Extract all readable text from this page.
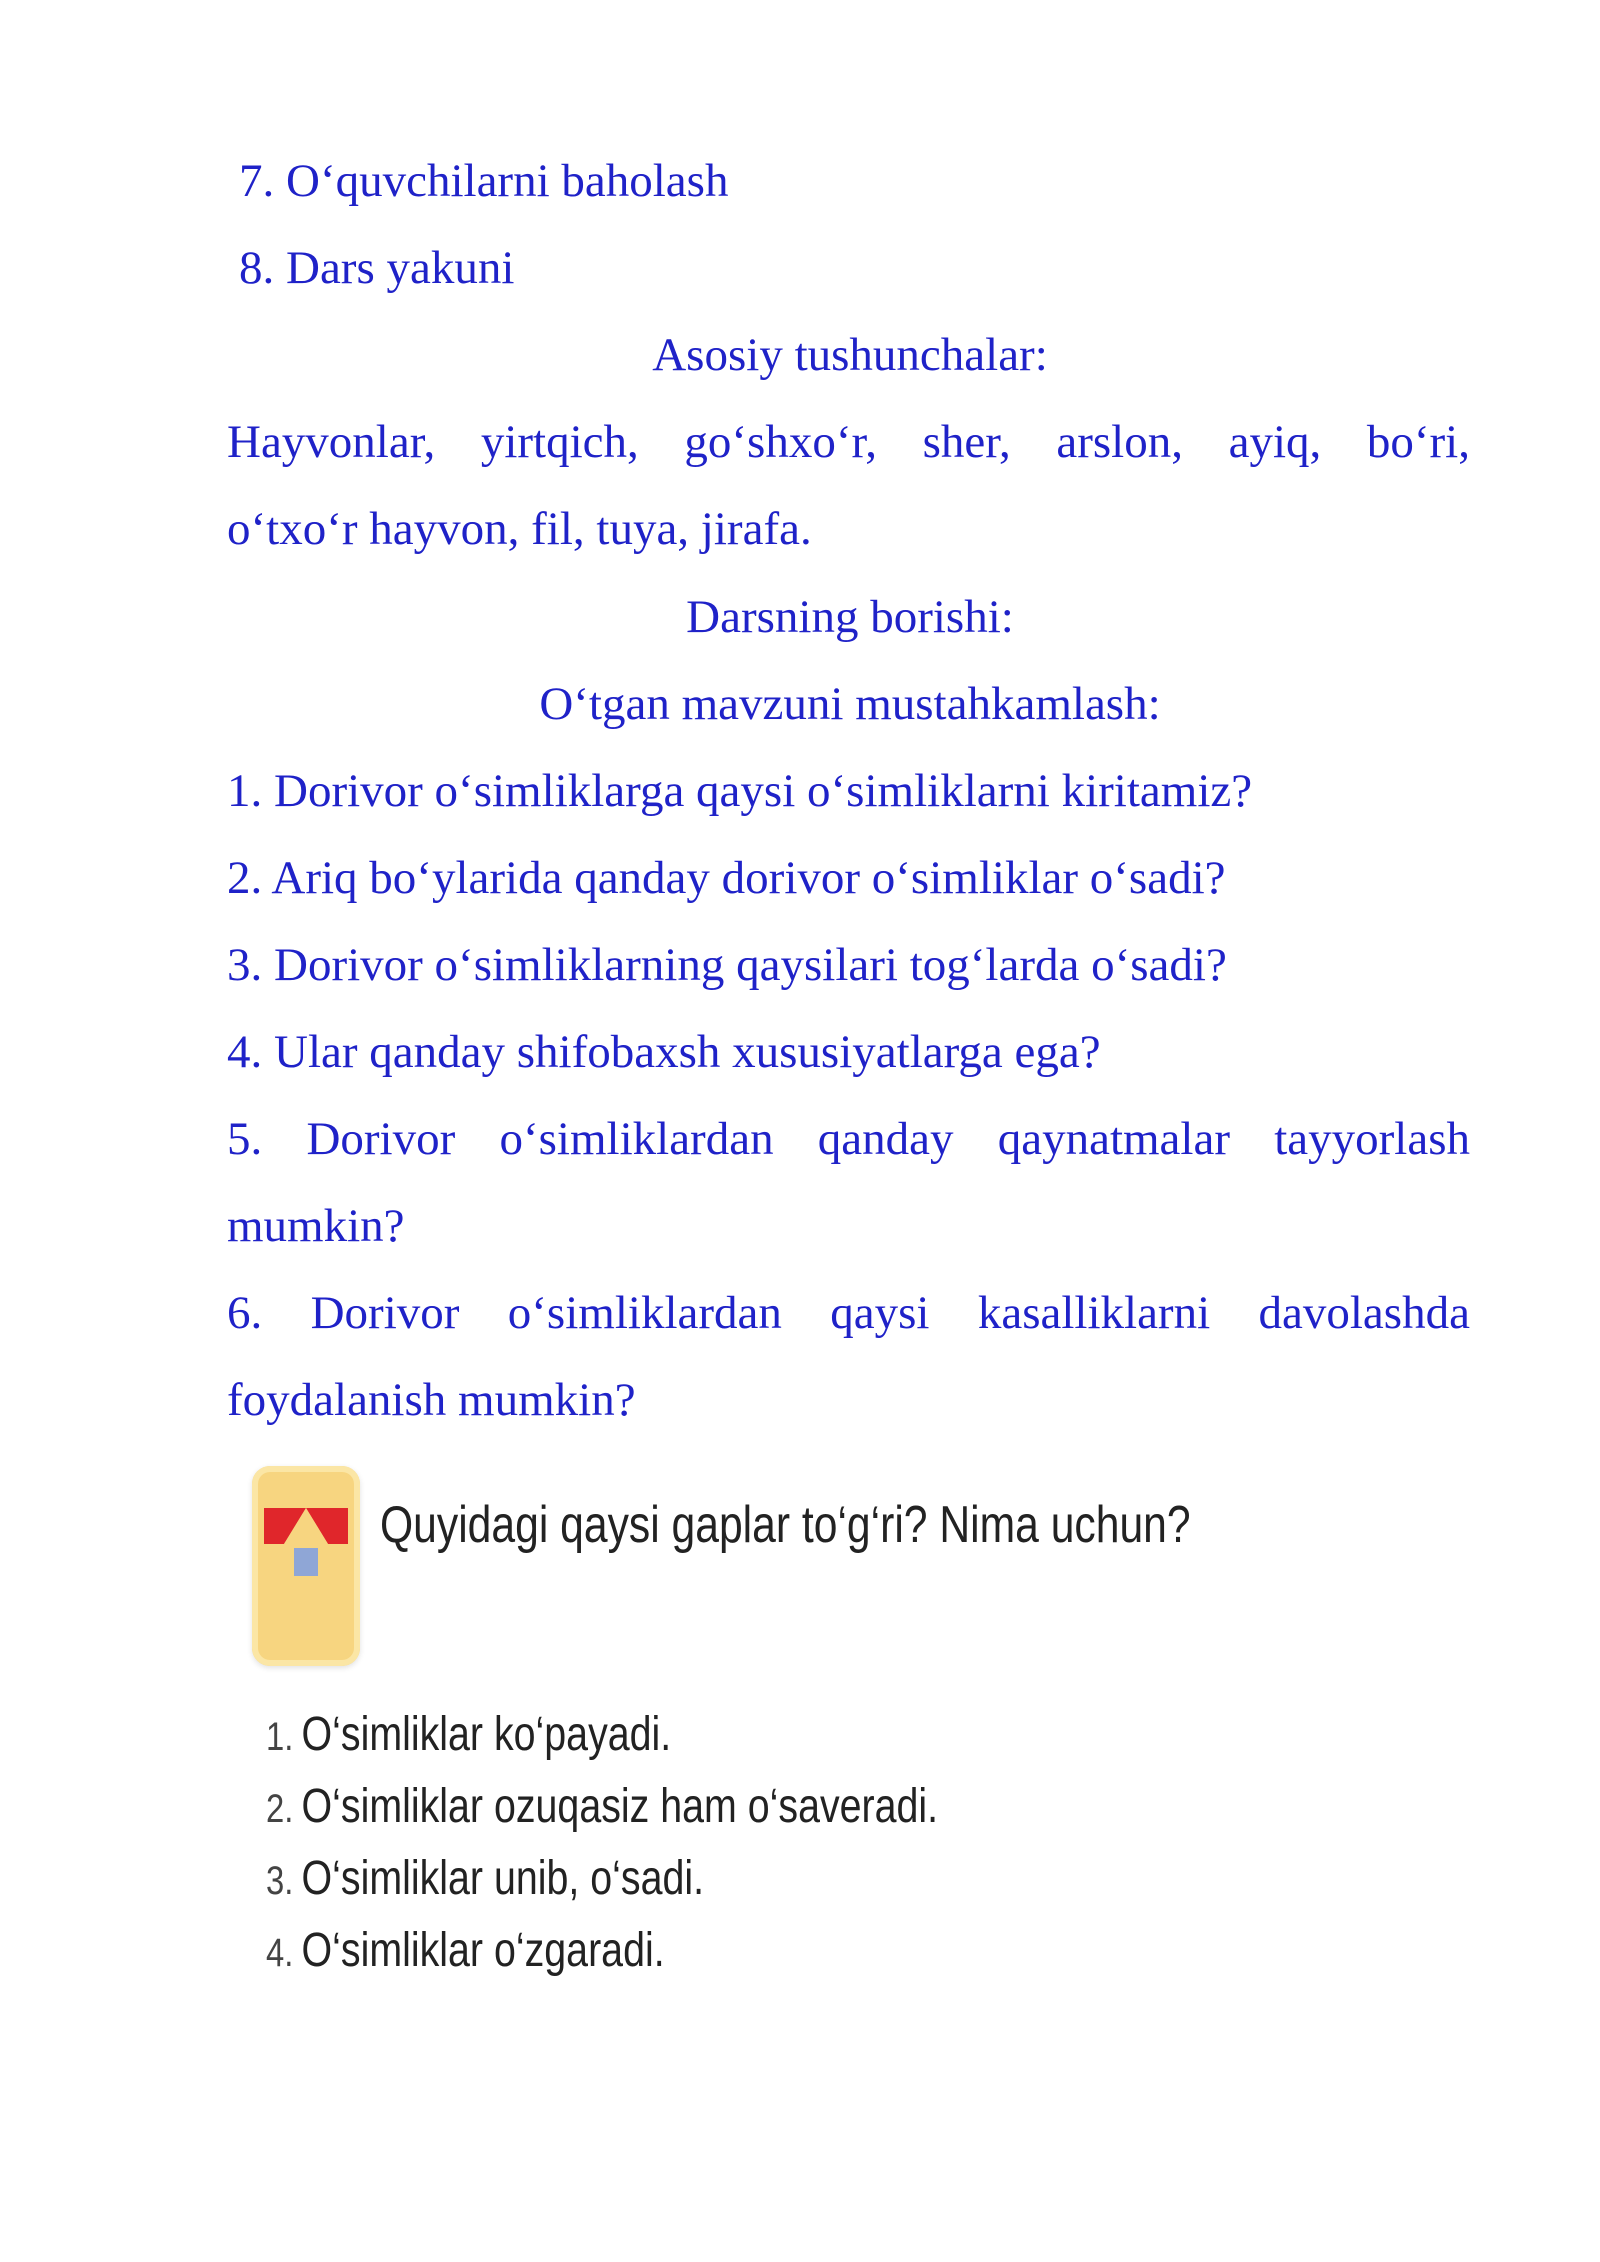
7. O‘quvchilarni baholash
8. Dars yakuni
Asosiy tushunchalar:
Hayvonlar, yirtqich, go‘shxo‘r, sher, arslon, ayiq, bo‘ri,
o‘txo‘r hayvon, fil, tuya, jirafa.
Darsning borishi:
O‘tgan mavzuni mustahkamlash:
1. Dorivor o‘simliklarga qaysi o‘simliklarni kiritamiz?
2. Ariq bo‘ylarida qanday dorivor o‘simliklar o‘sadi?
3. Dorivor o‘simliklarning qaysilari tog‘larda o‘sadi?
4. Ular qanday shifobaxsh xususiyatlarga ega?
5. Dorivor o‘simliklardan qanday qaynatmalar tayyorlash
mumkin?
6. Dorivor o‘simliklardan qaysi kasalliklarni davolashda
foydalanish mumkin?
Quyidagi qaysi gaplar to‘g‘ri? Nima uchun?
1. O‘simliklar ko‘payadi.
2. O‘simliklar ozuqasiz ham o‘saveradi.
3. O‘simliklar unib, o‘sadi.
4. O‘simliklar o‘zgaradi.
